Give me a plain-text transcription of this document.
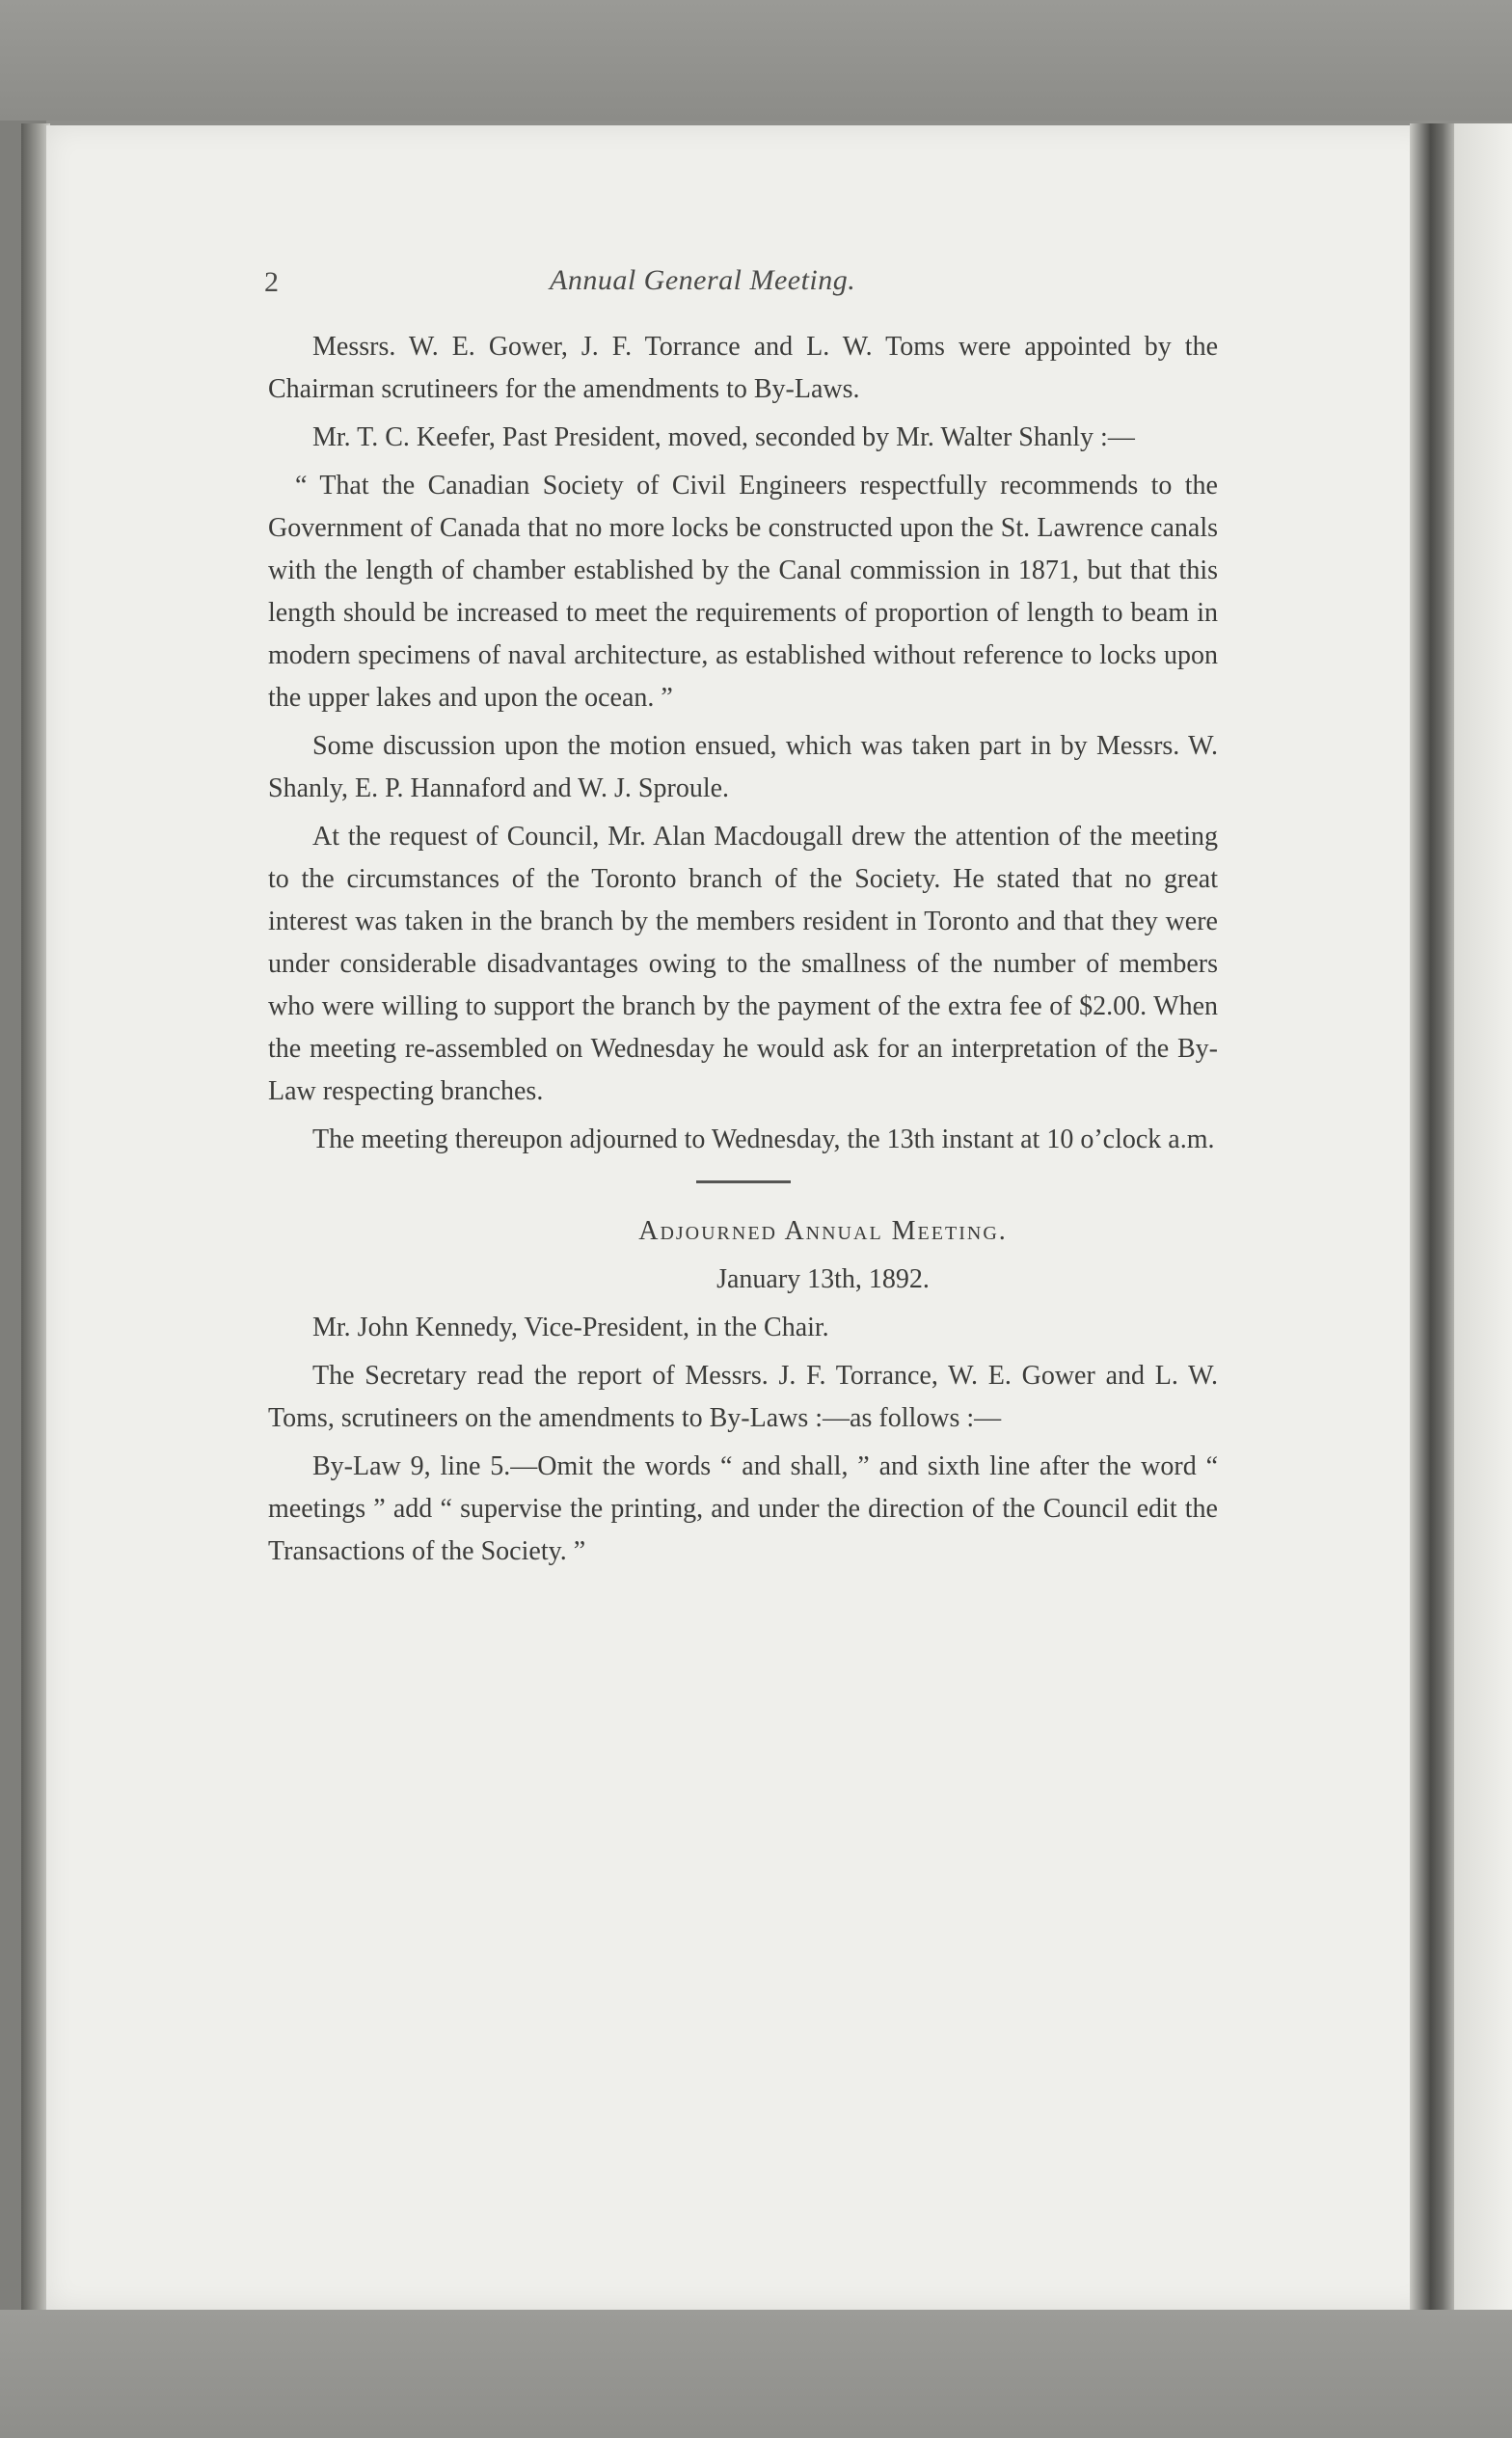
2	Annual General Meeting.

Messrs. W. E. Gower, J. F. Torrance and L. W. Toms were appointed by the Chairman scrutineers for the amendments to By-Laws.

Mr. T. C. Keefer, Past President, moved, seconded by Mr. Walter Shanly :—

“ That the Canadian Society of Civil Engineers respectfully recommends to the Government of Canada that no more locks be constructed upon the St. Lawrence canals with the length of chamber established by the Canal commission in 1871, but that this length should be increased to meet the requirements of proportion of length to beam in modern specimens of naval architecture, as established without reference to locks upon the upper lakes and upon the ocean. ”

Some discussion upon the motion ensued, which was taken part in by Messrs. W. Shanly, E. P. Hannaford and W. J. Sproule.

At the request of Council, Mr. Alan Macdougall drew the attention of the meeting to the circumstances of the Toronto branch of the Society. He stated that no great interest was taken in the branch by the members resident in Toronto and that they were under considerable disadvantages owing to the smallness of the number of members who were willing to support the branch by the payment of the extra fee of $2.00. When the meeting re-assembled on Wednesday he would ask for an interpretation of the By-Law respecting branches.

The meeting thereupon adjourned to Wednesday, the 13th instant at 10 o’clock a.m.

Adjourned Annual Meeting.

January 13th, 1892.

Mr. John Kennedy, Vice-President, in the Chair.

The Secretary read the report of Messrs. J. F. Torrance, W. E. Gower and L. W. Toms, scrutineers on the amendments to By-Laws :—as follows :—

By-Law 9, line 5.—Omit the words “ and shall, ” and sixth line after the word “ meetings ” add “ supervise the printing, and under the direction of the Council edit the Transactions of the Society. ”
